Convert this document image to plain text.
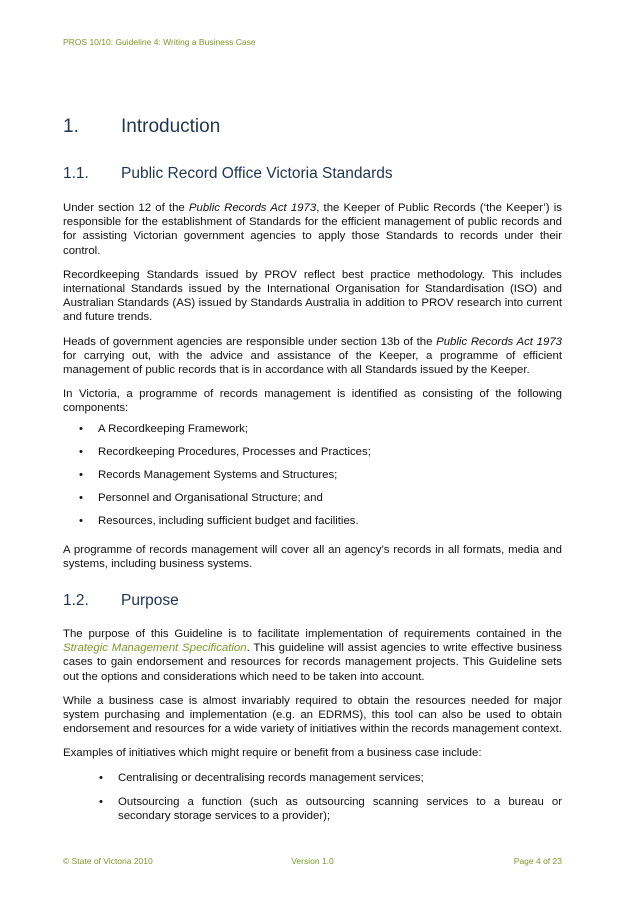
PROS 10/10: Guideline 4: Writing a Business Case
1.	Introduction
1.1.	Public Record Office Victoria Standards

Under section 12 of the Public Records Act 1973, the Keeper of Public Records (‘the Keeper’) is responsible for the establishment of Standards for the efficient management of public records and for assisting Victorian government agencies to apply those Standards to records under their control.

Recordkeeping Standards issued by PROV reflect best practice methodology. This includes international Standards issued by the International Organisation for Standardisation (ISO) and Australian Standards (AS) issued by Standards Australia in addition to PROV research into current and future trends.

Heads of government agencies are responsible under section 13b of the Public Records Act 1973 for carrying out, with the advice and assistance of the Keeper, a programme of efficient management of public records that is in accordance with all Standards issued by the Keeper.

In Victoria, a programme of records management is identified as consisting of the following components:

• A Recordkeeping Framework;
• Recordkeeping Procedures, Processes and Practices;
• Records Management Systems and Structures;
• Personnel and Organisational Structure; and
• Resources, including sufficient budget and facilities.

A programme of records management will cover all an agency’s records in all formats, media and systems, including business systems.

1.2.	Purpose

The purpose of this Guideline is to facilitate implementation of requirements contained in the Strategic Management Specification. This guideline will assist agencies to write effective business cases to gain endorsement and resources for records management projects. This Guideline sets out the options and considerations which need to be taken into account.

While a business case is almost invariably required to obtain the resources needed for major system purchasing and implementation (e.g. an EDRMS), this tool can also be used to obtain endorsement and resources for a wide variety of initiatives within the records management context.

Examples of initiatives which might require or benefit from a business case include:

• Centralising or decentralising records management services;
• Outsourcing a function (such as outsourcing scanning services to a bureau or secondary storage services to a provider);
© State of Victoria 2010	Version 1.0	Page 4 of 23
